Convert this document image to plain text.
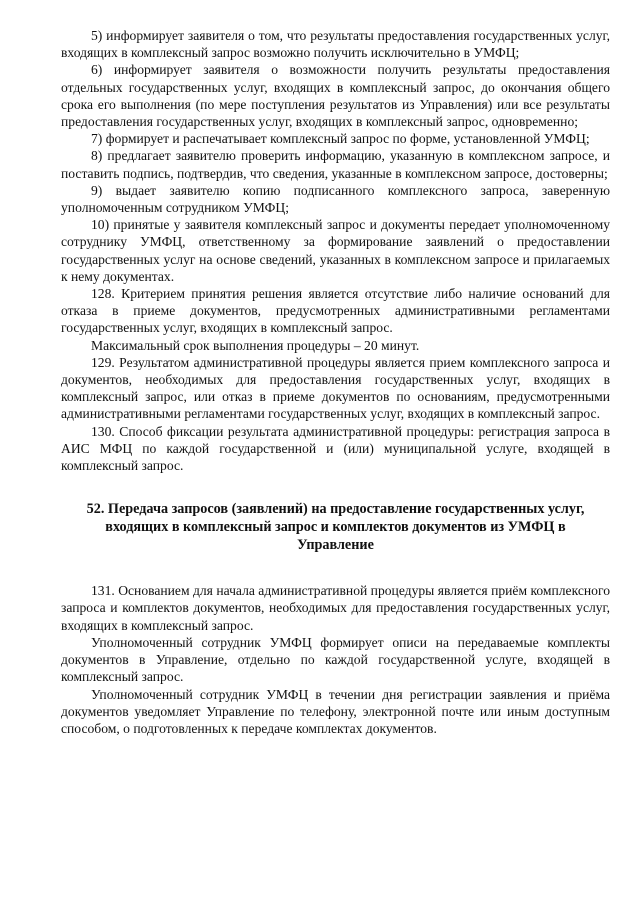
5) информирует заявителя о том, что результаты предоставления государственных услуг, входящих в комплексный запрос возможно получить исключительно в УМФЦ;

6) информирует заявителя о возможности получить результаты предоставления отдельных государственных услуг, входящих в комплексный запрос, до окончания общего срока его выполнения (по мере поступления результатов из Управления) или все результаты предоставления государственных услуг, входящих в комплексный запрос, одновременно;

7) формирует и распечатывает комплексный запрос по форме, установленной УМФЦ;

8) предлагает заявителю проверить информацию, указанную в комплексном запросе, и поставить подпись, подтвердив, что сведения, указанные в комплексном запросе, достоверны;

9) выдает заявителю копию подписанного комплексного запроса, заверенную уполномоченным сотрудником УМФЦ;

10) принятые у заявителя комплексный запрос и документы передает уполномоченному сотруднику УМФЦ, ответственному за формирование заявлений о предоставлении государственных услуг на основе сведений, указанных в комплексном запросе и прилагаемых к нему документах.

128. Критерием принятия решения является отсутствие либо наличие оснований для отказа в приеме документов, предусмотренных административными регламентами государственных услуг, входящих в комплексный запрос.

Максимальный срок выполнения процедуры – 20 минут.

129. Результатом административной процедуры является прием комплексного запроса и документов, необходимых для предоставления государственных услуг, входящих в комплексный запрос, или отказ в приеме документов по основаниям, предусмотренными административными регламентами государственных услуг, входящих в комплексный запрос.

130. Способ фиксации результата административной процедуры: регистрация запроса в АИС МФЦ по каждой государственной и (или) муниципальной услуге, входящей в комплексный запрос.

52. Передача запросов (заявлений) на предоставление государственных услуг, входящих в комплексный запрос и комплектов документов из УМФЦ в Управление

131. Основанием для начала административной процедуры является приём комплексного запроса и комплектов документов, необходимых для предоставления государственных услуг, входящих в комплексный запрос.

Уполномоченный сотрудник УМФЦ формирует описи на передаваемые комплекты документов в Управление, отдельно по каждой государственной услуге, входящей в комплексный запрос.

Уполномоченный сотрудник УМФЦ в течении дня регистрации заявления и приёма документов уведомляет Управление по телефону, электронной почте или иным доступным способом, о подготовленных к передаче комплектах документов.
